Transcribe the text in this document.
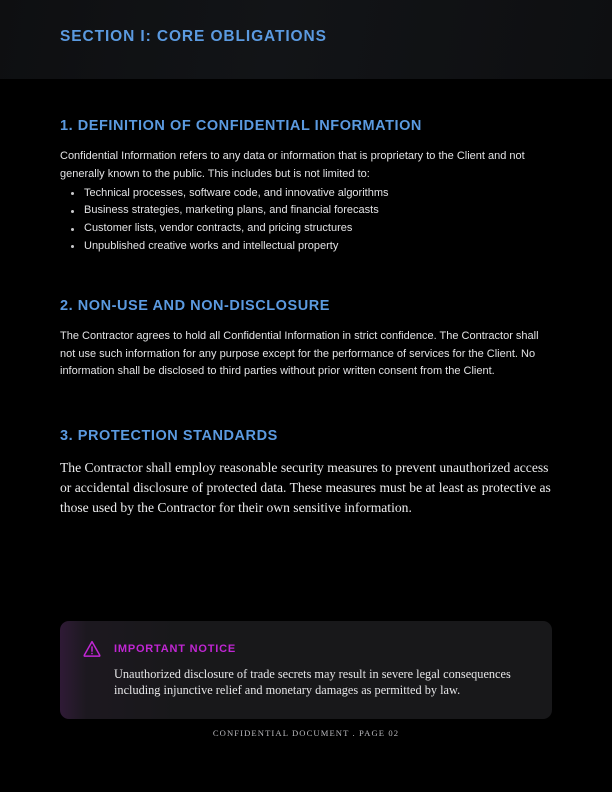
SECTION I: CORE OBLIGATIONS
1. DEFINITION OF CONFIDENTIAL INFORMATION

Confidential Information refers to any data or information that is proprietary to the Client and not generally known to the public. This includes but is not limited to:

Technical processes, software code, and innovative algorithms
Business strategies, marketing plans, and financial forecasts
Customer lists, vendor contracts, and pricing structures
Unpublished creative works and intellectual property
2. NON-USE AND NON-DISCLOSURE

The Contractor agrees to hold all Confidential Information in strict confidence. The Contractor shall not use such information for any purpose except for the performance of services for the Client. No information shall be disclosed to third parties without prior written consent from the Client.

3. PROTECTION STANDARDS

The Contractor shall employ reasonable security measures to prevent unauthorized access or accidental disclosure of protected data. These measures must be at least as protective as those used by the Contractor for their own sensitive information.

IMPORTANT NOTICE
Unauthorized disclosure of trade secrets may result in severe legal consequences including injunctive relief and monetary damages as permitted by law.
CONFIDENTIAL DOCUMENT . PAGE 02
